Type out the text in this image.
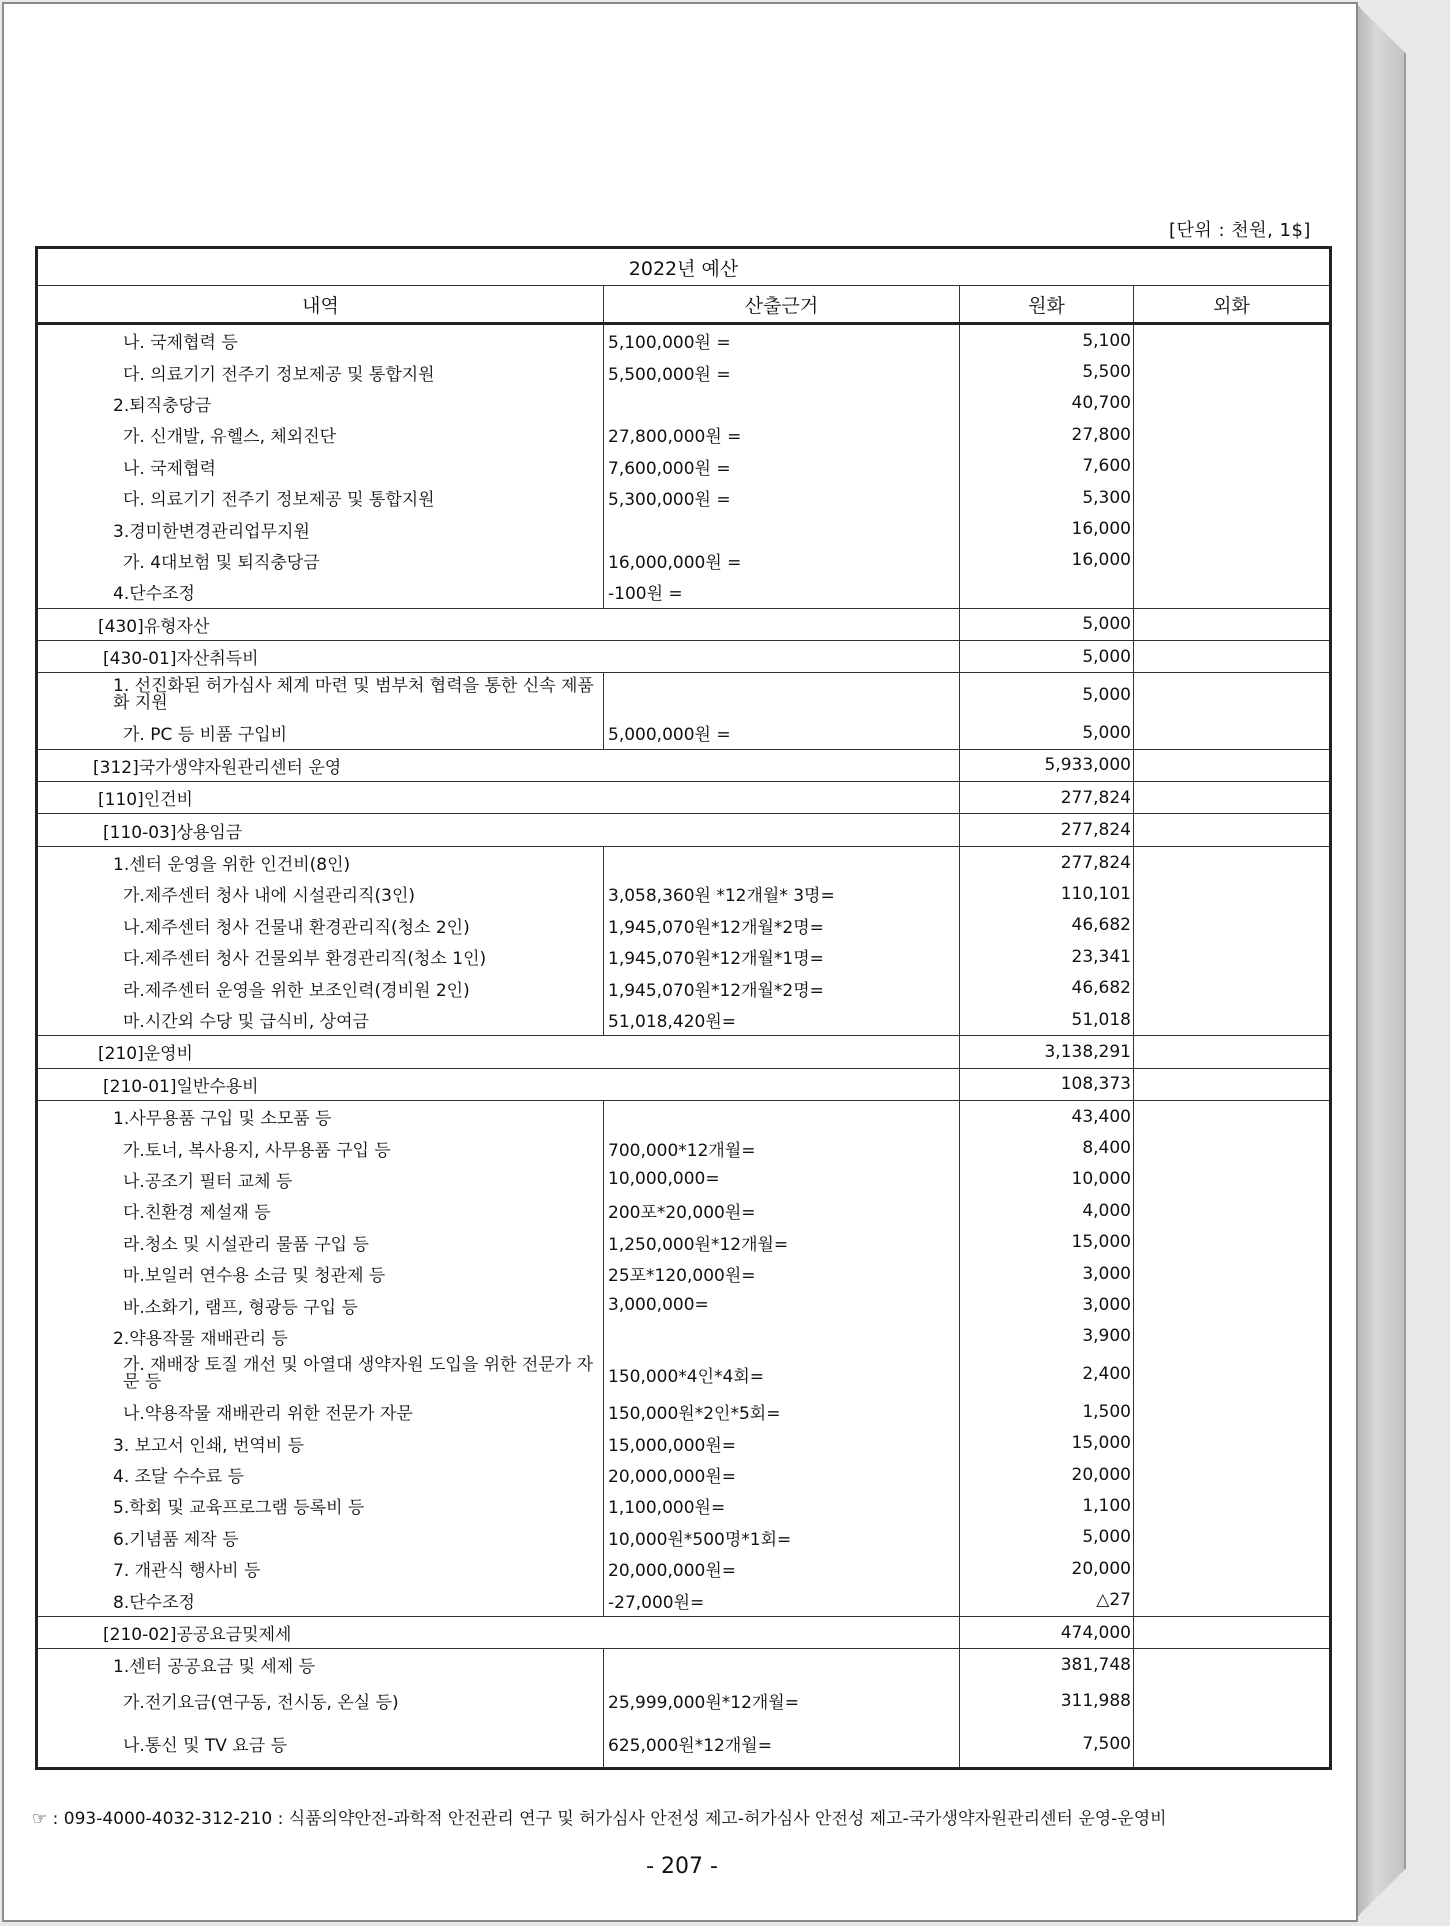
[단위 : 천원, 1$]
2022년 예산			
내역	산출근거	원화	외화
나. 국제협력 등	5,100,000원 =	5,100	
다. 의료기기 전주기 정보제공 및 통합지원	5,500,000원 =	5,500	
2.퇴직충당금		40,700	
가. 신개발, 유헬스, 체외진단	27,800,000원 =	27,800	
나. 국제협력	7,600,000원 =	7,600	
다. 의료기기 전주기 정보제공 및 통합지원	5,300,000원 =	5,300	
3.경미한변경관리업무지원		16,000	
가. 4대보험 및 퇴직충당금	16,000,000원 =	16,000	
4.단수조정	-100원 =		
[430]유형자산		5,000	
[430-01]자산취득비		5,000	
1. 선진화된 허가심사 체계 마련 및 범부처 협력을 통한 신속 제품화 지원		5,000	
가. PC 등 비품 구입비	5,000,000원 =	5,000	
[312]국가생약자원관리센터 운영		5,933,000	
[110]인건비		277,824	
[110-03]상용임금		277,824	
1.센터 운영을 위한 인건비(8인)		277,824	
가.제주센터 청사 내에 시설관리직(3인)	3,058,360원 *12개월* 3명=	110,101	
나.제주센터 청사 건물내 환경관리직(청소 2인)	1,945,070원*12개월*2명=	46,682	
다.제주센터 청사 건물외부 환경관리직(청소 1인)	1,945,070원*12개월*1명=	23,341	
라.제주센터 운영을 위한 보조인력(경비원 2인)	1,945,070원*12개월*2명=	46,682	
마.시간외 수당 및 급식비, 상여금	51,018,420원=	51,018	
[210]운영비		3,138,291	
[210-01]일반수용비		108,373	
1.사무용품 구입 및 소모품 등		43,400	
가.토너, 복사용지, 사무용품 구입 등	700,000*12개월=	8,400	
나.공조기 필터 교체 등	10,000,000=	10,000	
다.친환경 제설재 등	200포*20,000원=	4,000	
라.청소 및 시설관리 물품 구입 등	1,250,000원*12개월=	15,000	
마.보일러 연수용 소금 및 청관제 등	25포*120,000원=	3,000	
바.소화기, 램프, 형광등 구입 등	3,000,000=	3,000	
2.약용작물 재배관리 등		3,900	
가. 재배장 토질 개선 및 아열대 생약자원 도입을 위한 전문가 자문 등	150,000*4인*4회=	2,400	
나.약용작물 재배관리 위한 전문가 자문	150,000원*2인*5회=	1,500	
3. 보고서 인쇄, 번역비 등	15,000,000원=	15,000	
4. 조달 수수료 등	20,000,000원=	20,000	
5.학회 및 교육프로그램 등록비 등	1,100,000원=	1,100	
6.기념품 제작 등	10,000원*500명*1회=	5,000	
7. 개관식 행사비 등	20,000,000원=	20,000	
8.단수조정	-27,000원=	△27	
[210-02]공공요금및제세		474,000	
1.센터 공공요금 및 세제 등		381,748	
가.전기요금(연구동, 전시동, 온실 등)	25,999,000원*12개월=	311,988	
나.통신 및 TV 요금 등	625,000원*12개월=	7,500	
☞ : 093-4000-4032-312-210 : 식품의약안전-과학적 안전관리 연구 및 허가심사 안전성 제고-허가심사 안전성 제고-국가생약자원관리센터 운영-운영비
- 207 -
